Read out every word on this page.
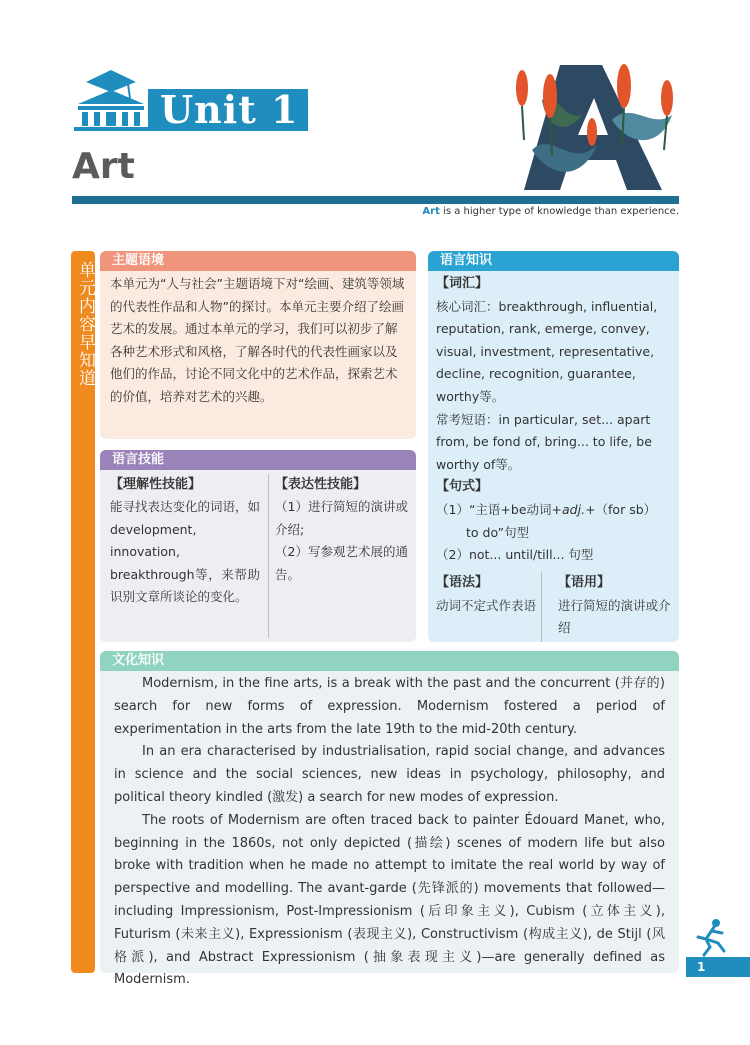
Unit 1
Art
Art is a higher type of knowledge than experience.
单元内容早知道
主题语境
本单元为“人与社会”主题语境下对“绘画、建筑等领域的代表性作品和人物”的探讨。本单元主要介绍了绘画艺术的发展。通过本单元的学习，我们可以初步了解各种艺术形式和风格，了解各时代的代表性画家以及他们的作品，讨论不同文化中的艺术作品，探索艺术的价值，培养对艺术的兴趣。
语言技能
【理解性技能】
能寻找表达变化的词语，如development, innovation, breakthrough等，来帮助识别文章所谈论的变化。
【表达性技能】
（1）进行简短的演讲或介绍;
（2）写参观艺术展的通告。
语言知识
【词汇】
核心词汇：breakthrough, influential, reputation, rank, emerge, convey, visual, investment, representative, decline, recognition, guarantee, worthy等。
常考短语：in particular, set... apart from, be fond of, bring... to life, be worthy of等。
【句式】
（1）“主语+be动词+adj.+（for sb）
to do”句型
（2）not... until/till... 句型
【语法】
动词不定式作表语
【语用】
进行简短的演讲或介绍
文化知识

Modernism, in the fine arts, is a break with the past and the concurrent (并存的) search for new forms of expression. Modernism fostered a period of experimentation in the arts from the late 19th to the mid-20th century.

In an era characterised by industrialisation, rapid social change, and advances in science and the social sciences, new ideas in psychology, philosophy, and political theory kindled (激发) a search for new modes of expression.

The roots of Modernism are often traced back to painter Édouard Manet, who, beginning in the 1860s, not only depicted (描绘) scenes of modern life but also broke with tradition when he made no attempt to imitate the real world by way of perspective and modelling. The avant-garde (先锋派的) movements that followed—including Impressionism, Post-Impressionism (后印象主义), Cubism (立体主义), Futurism (未来主义), Expressionism (表现主义), Constructivism (构成主义), de Stijl (风格派), and Abstract Expressionism (抽象表现主义)—are generally defined as Modernism.

1
